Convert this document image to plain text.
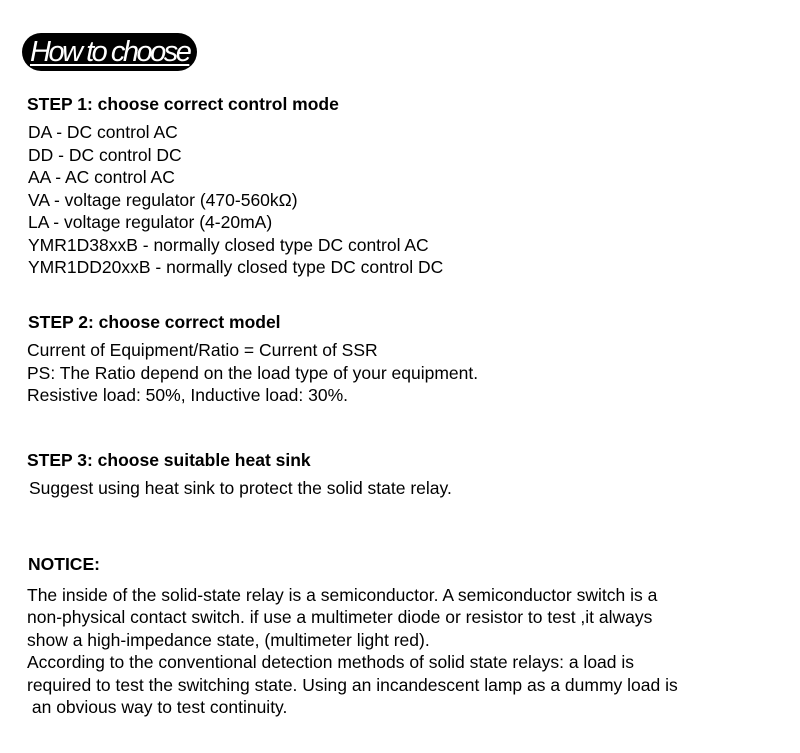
How to choose
STEP 1: choose correct control mode
DA - DC control AC
DD - DC control DC
AA - AC control AC
VA - voltage regulator (470-560kΩ)
LA - voltage regulator (4-20mA)
YMR1D38xxB - normally closed type DC control AC
YMR1DD20xxB - normally closed type DC control DC
STEP 2: choose correct model
Current of Equipment/Ratio = Current of SSR
PS: The Ratio depend on the load type of your equipment.
Resistive load: 50%, Inductive load: 30%.
STEP 3: choose suitable heat sink
Suggest using heat sink to protect the solid state relay.
NOTICE:
The inside of the solid-state relay is a semiconductor. A semiconductor switch is a
non-physical contact switch. if use a multimeter diode or resistor to test ,it always
show a high-impedance state, (multimeter light red).
According to the conventional detection methods of solid state relays: a load is
required to test the switching state. Using an incandescent lamp as a dummy load is
an obvious way to test continuity.
